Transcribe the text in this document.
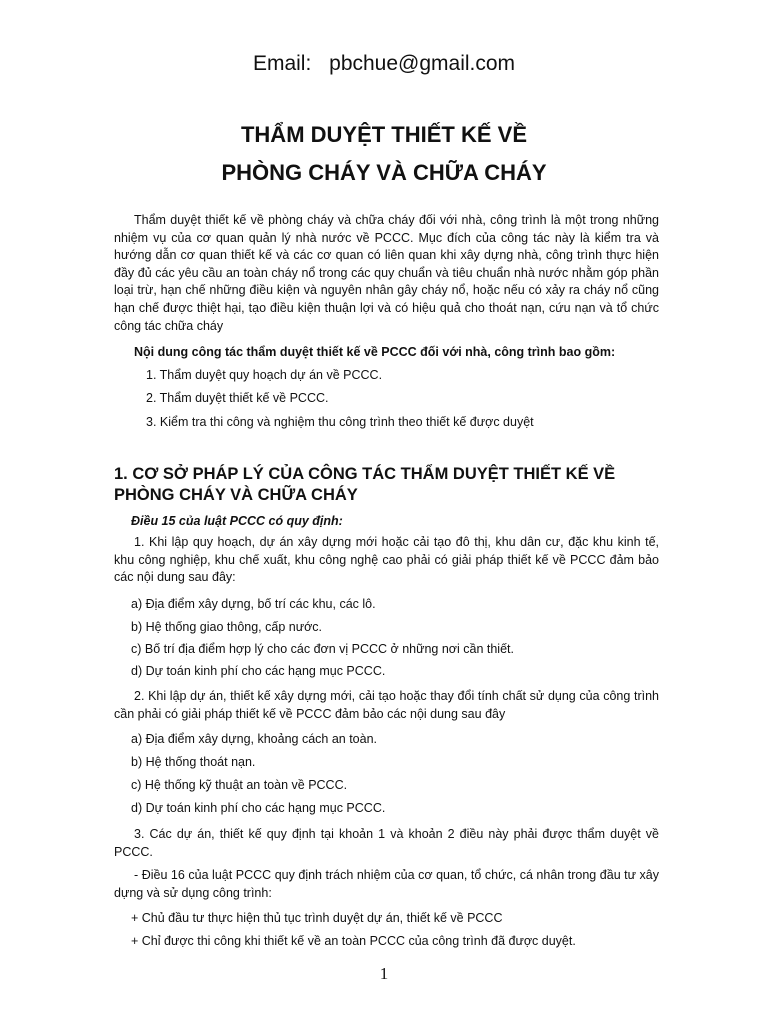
Email: pbchue@gmail.com
THẨM DUYỆT THIẾT KẾ VỀ
PHÒNG CHÁY VÀ CHỮA CHÁY

Thẩm duyệt thiết kế về phòng cháy và chữa cháy đối với nhà, công trình là một trong những nhiệm vụ của cơ quan quản lý nhà nước về PCCC. Mục đích của công tác này là kiểm tra và hướng dẫn cơ quan thiết kế và các cơ quan có liên quan khi xây dựng nhà, công trình thực hiện đầy đủ các yêu cầu an toàn cháy nổ trong các quy chuẩn và tiêu chuẩn nhà nước nhằm góp phần loại trừ, hạn chế những điều kiện và nguyên nhân gây cháy nổ, hoặc nếu có xảy ra cháy nổ cũng hạn chế được thiệt hại, tạo điều kiện thuận lợi và có hiệu quả cho thoát nạn, cứu nạn và tổ chức công tác chữa cháy

Nội dung công tác thẩm duyệt thiết kế về PCCC đối với nhà, công trình bao gồm:

1. Thẩm duyệt quy hoạch dự án về PCCC.
2. Thẩm duyệt thiết kế về PCCC.
3. Kiểm tra thi công và nghiệm thu công trình theo thiết kế được duyệt

1. CƠ SỞ PHÁP LÝ CỦA CÔNG TÁC THẨM DUYỆT THIẾT KẾ VỀ PHÒNG CHÁY VÀ CHỮA CHÁY

Điều 15 của luật PCCC có quy định:

1. Khi lập quy hoạch, dự án xây dựng mới hoặc cải tạo đô thị, khu dân cư, đặc khu kinh tế, khu công nghiệp, khu chế xuất, khu công nghệ cao phải có giải pháp thiết kế về PCCC đảm bảo các nội dung sau đây:

a) Địa điểm xây dựng, bố trí các khu, các lô.
b) Hệ thống giao thông, cấp nước.
c) Bố trí địa điểm hợp lý cho các đơn vị PCCC ở những nơi cần thiết.
d) Dự toán kinh phí cho các hạng mục PCCC.

2. Khi lập dự án, thiết kế xây dựng mới, cải tạo hoặc thay đổi tính chất sử dụng của công trình cần phải có giải pháp thiết kế về PCCC đảm bảo các nội dung sau đây

a) Địa điểm xây dựng, khoảng cách an toàn.
b) Hệ thống thoát nạn.
c) Hệ thống kỹ thuật an toàn về PCCC.
d) Dự toán kinh phí cho các hạng mục PCCC.

3. Các dự án, thiết kế quy định tại khoản 1 và khoản 2 điều này phải được thẩm duyệt về PCCC.

- Điều 16 của luật PCCC quy định trách nhiệm của cơ quan, tổ chức, cá nhân trong đầu tư xây dựng và sử dụng công trình:

+ Chủ đầu tư thực hiện thủ tục trình duyệt dự án, thiết kế về PCCC
+ Chỉ được thi công khi thiết kế về an toàn PCCC của công trình đã được duyệt.
1
